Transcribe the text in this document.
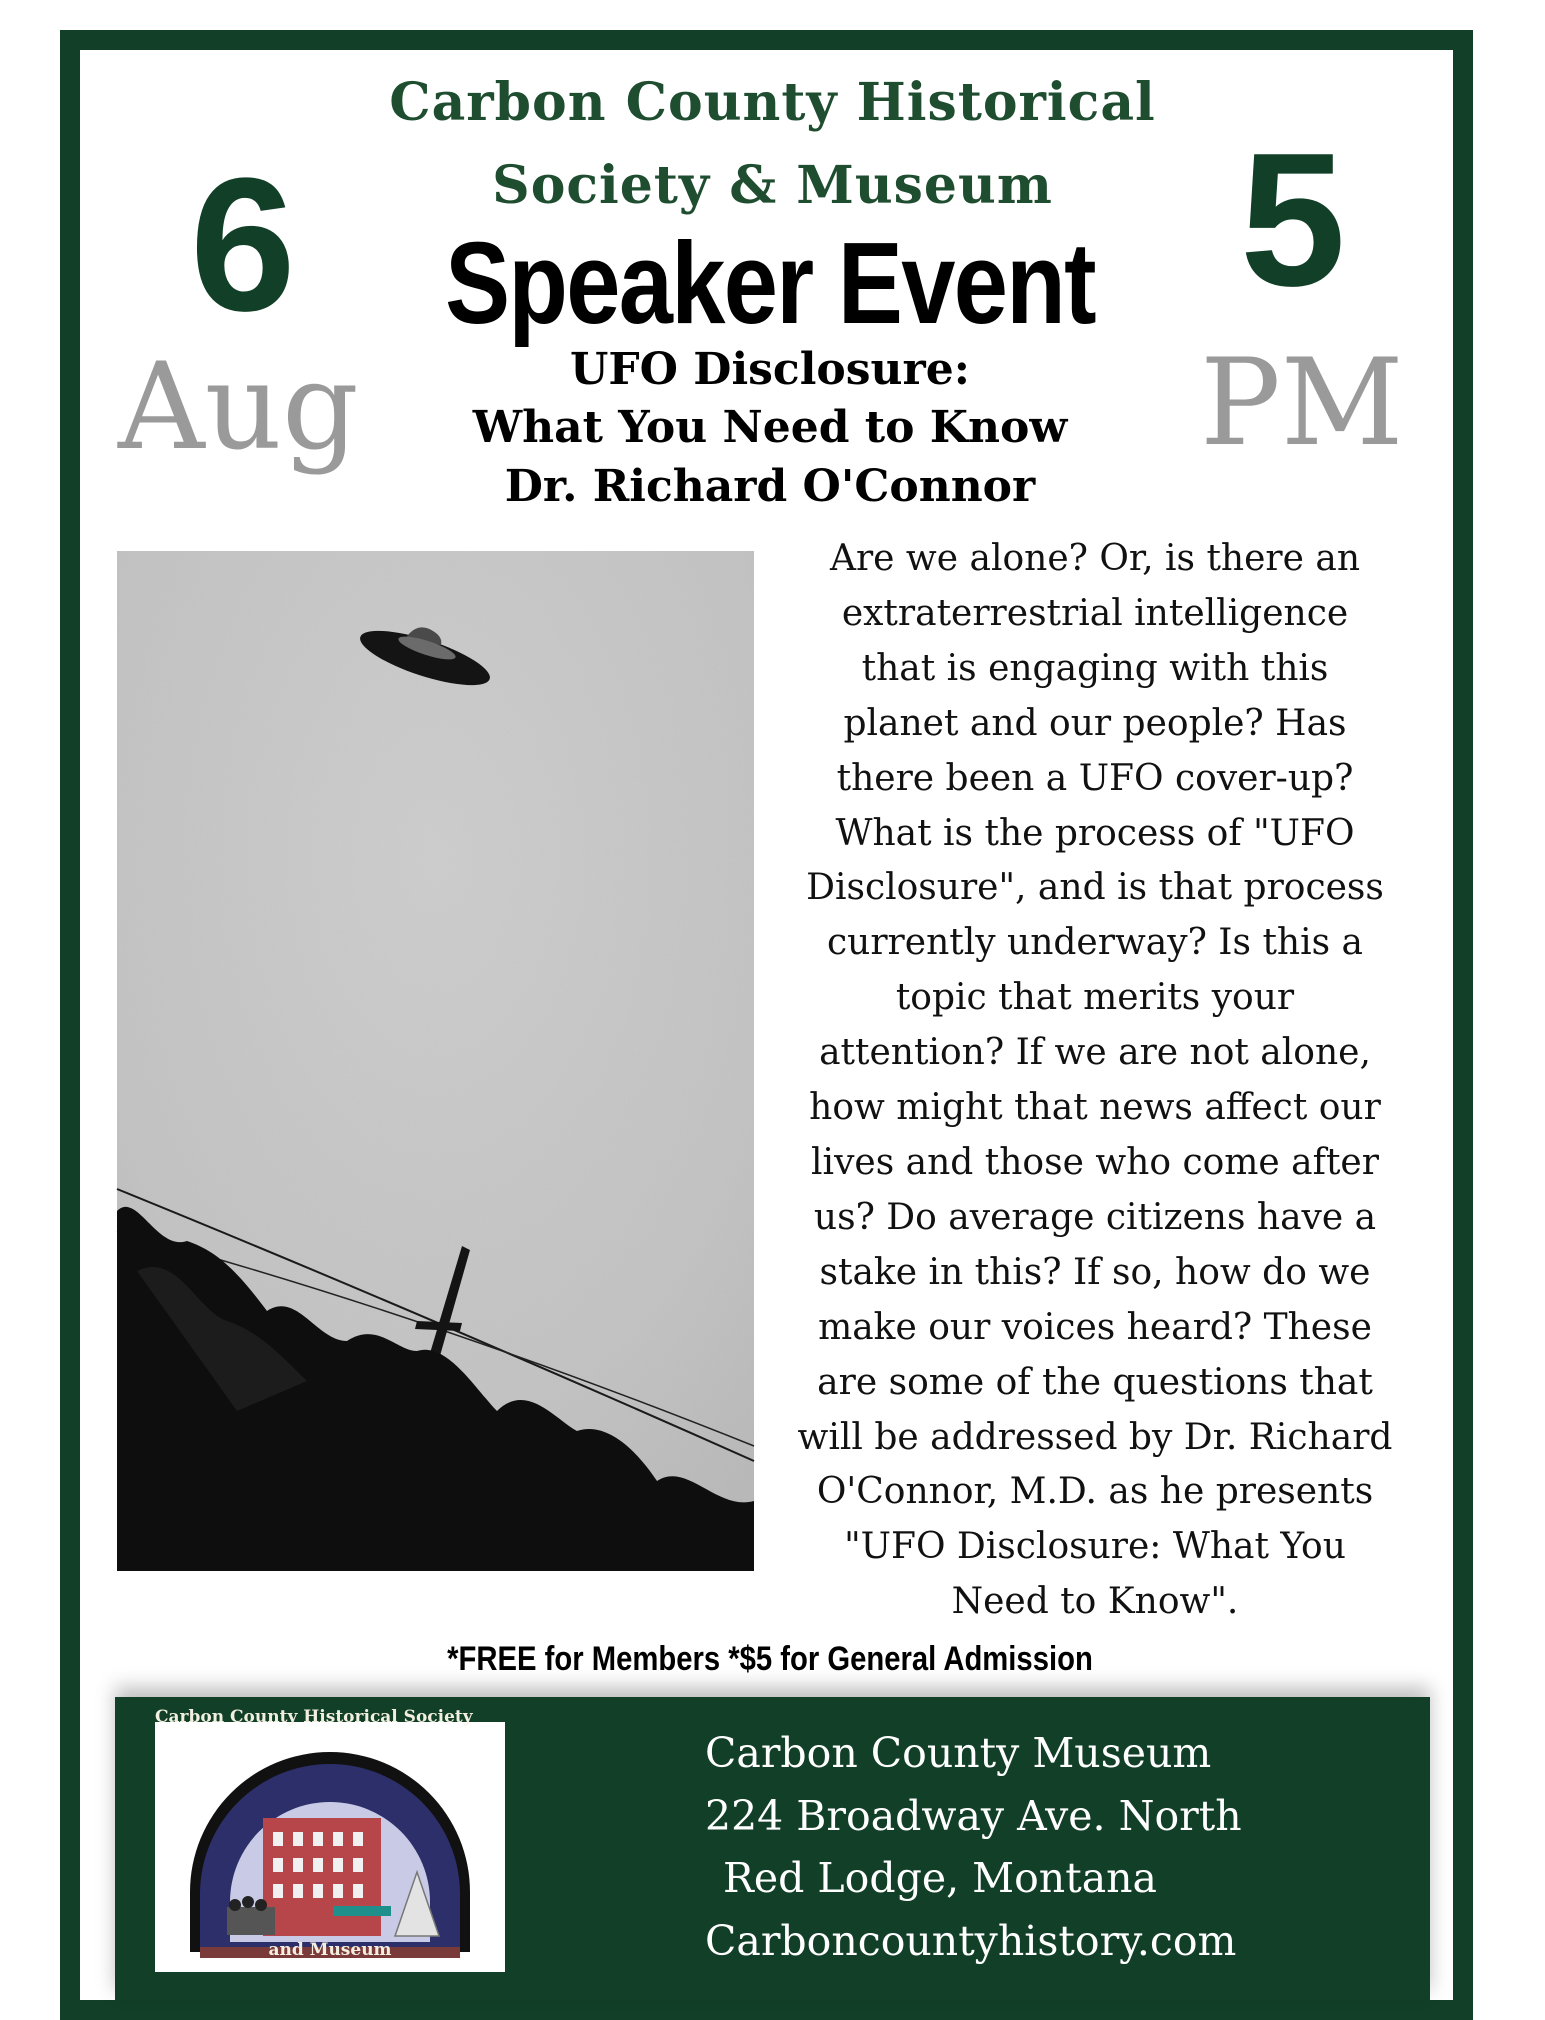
Carbon County Historical
Society & Museum
6
Aug
5
PM
Speaker Event
UFO Disclosure:
What You Need to Know
Dr. Richard O'Connor
Are we alone? Or, is there an
extraterrestrial intelligence
that is engaging with this
planet and our people? Has
there been a UFO cover-up?
What is the process of "UFO
Disclosure", and is that process
currently underway? Is this a
topic that merits your
attention? If we are not alone,
how might that news affect our
lives and those who come after
us? Do average citizens have a
stake in this? If so, how do we
make our voices heard? These
are some of the questions that
will be addressed by Dr. Richard
O'Connor, M.D. as he presents
"UFO Disclosure: What You
Need to Know".
*FREE for Members *$5 for General Admission
Carbon County Historical Society
and Museum
Carbon County Museum
224 Broadway Ave. North
Red Lodge, Montana
Carboncountyhistory.com
